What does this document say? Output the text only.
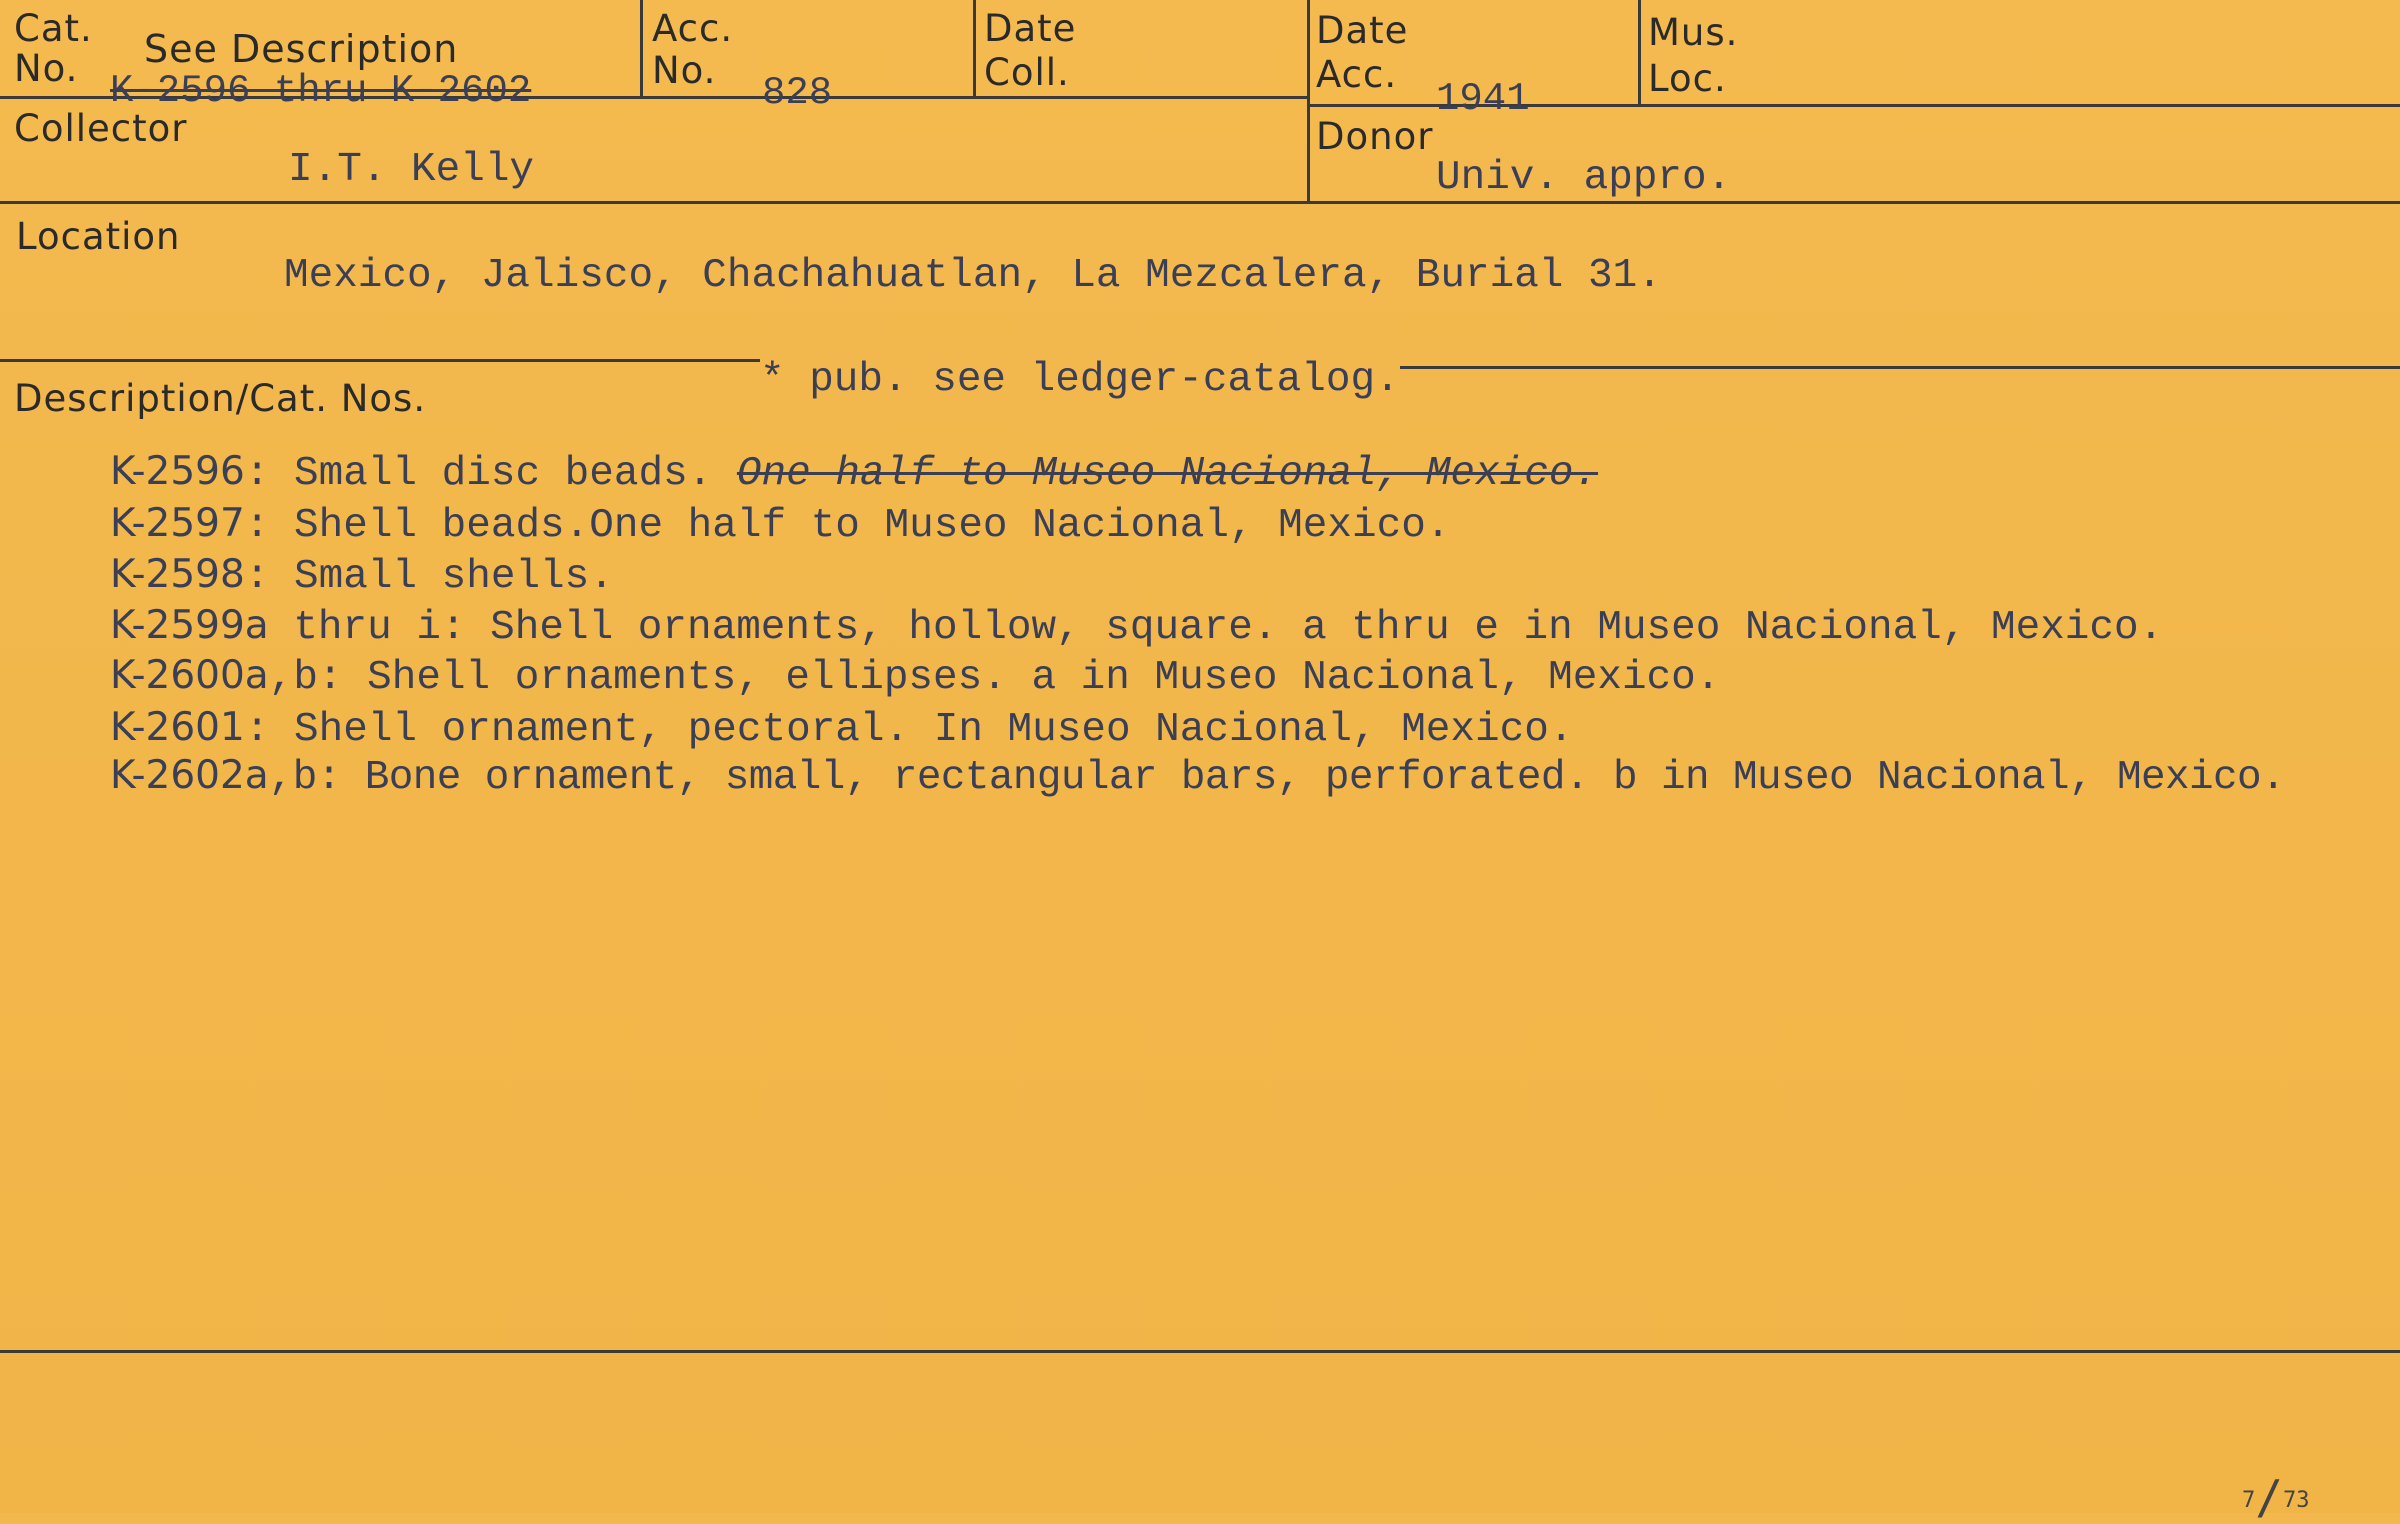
Cat.
No. See Description
K-2596 thru K-2602
Acc.
No.
828
Date
Coll.
Date
Acc.
1941
Mus.
Loc.
Collector
I.T. Kelly
Donor
Univ. appro.
Location
Mexico, Jalisco, Chachahuatlan, La Mezcalera, Burial 31.
Description/Cat. Nos.	* pub. see ledger-catalog.
K-2596: Small disc beads. One half to Museo Nacional, Mexico.
K-2597: Shell beads.One half to Museo Nacional, Mexico.
K-2598: Small shells.
K-2599a thru i: Shell ornaments, hollow, square. a thru e in Museo Nacional, Mexico.
K-2600a,b: Shell ornaments, ellipses. a in Museo Nacional, Mexico.
K-2601: Shell ornament, pectoral. In Museo Nacional, Mexico.
K-2602a,b: Bone ornament, small, rectangular bars, perforated. b in Museo Nacional, Mexico.
7/73
